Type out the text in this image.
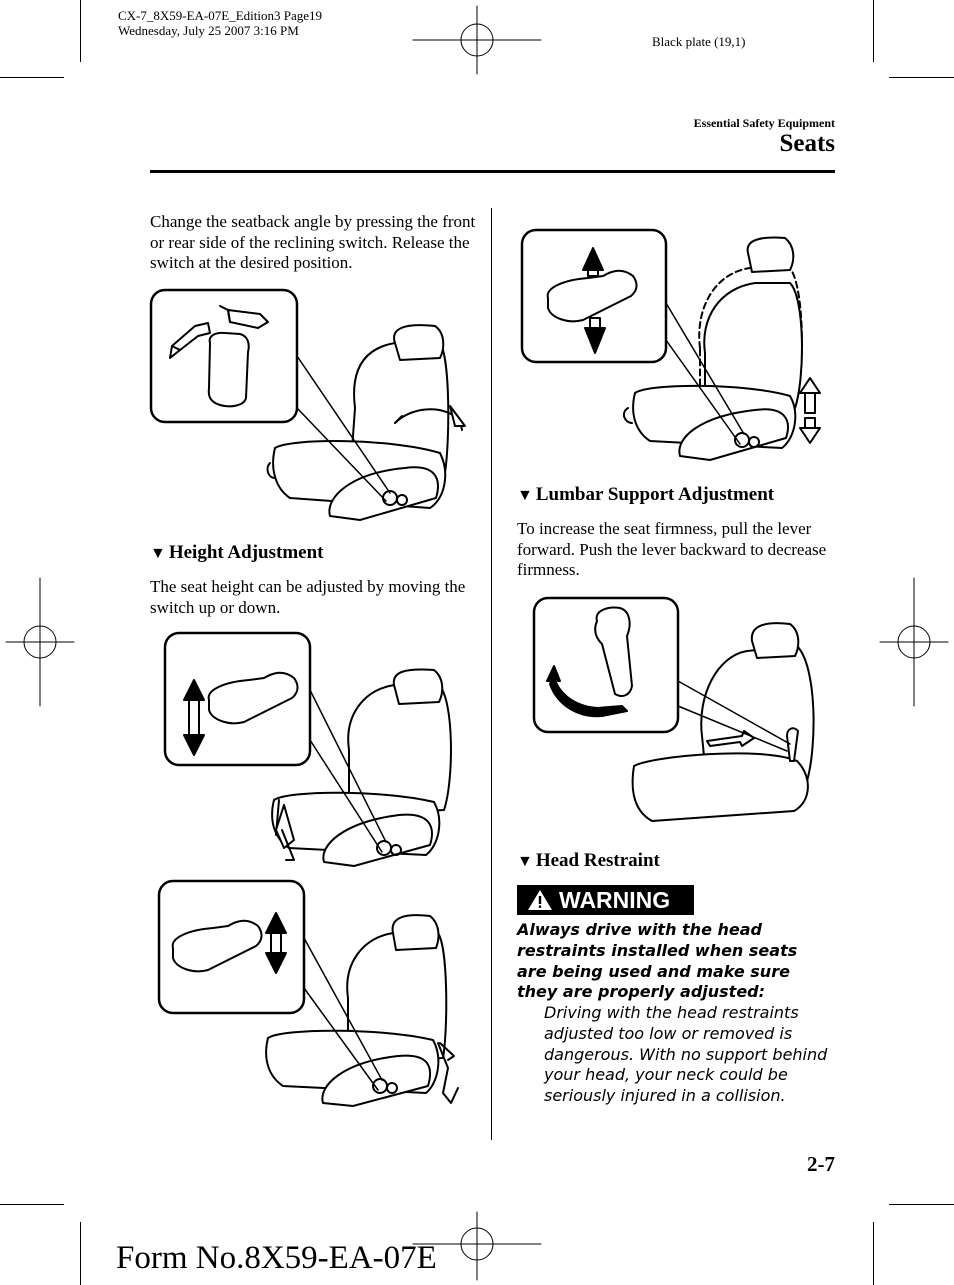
CX-7_8X59-EA-07E_Edition3 Page19
Wednesday, July 25 2007 3:16 PM
Black plate (19,1)
Essential Safety Equipment
Seats
Change the seatback angle by pressing the front or rear side of the reclining switch. Release the switch at the desired position.
▼ Height Adjustment
The seat height can be adjusted by moving the switch up or down.
▼ Lumbar Support Adjustment
To increase the seat firmness, pull the lever forward. Push the lever backward to decrease firmness.
▼ Head Restraint
WARNING
Always drive with the head restraints installed when seats are being used and make sure they are properly adjusted:
Driving with the head restraints adjusted too low or removed is dangerous. With no support behind your head, your neck could be seriously injured in a collision.
2-7
Form No.8X59-EA-07E
